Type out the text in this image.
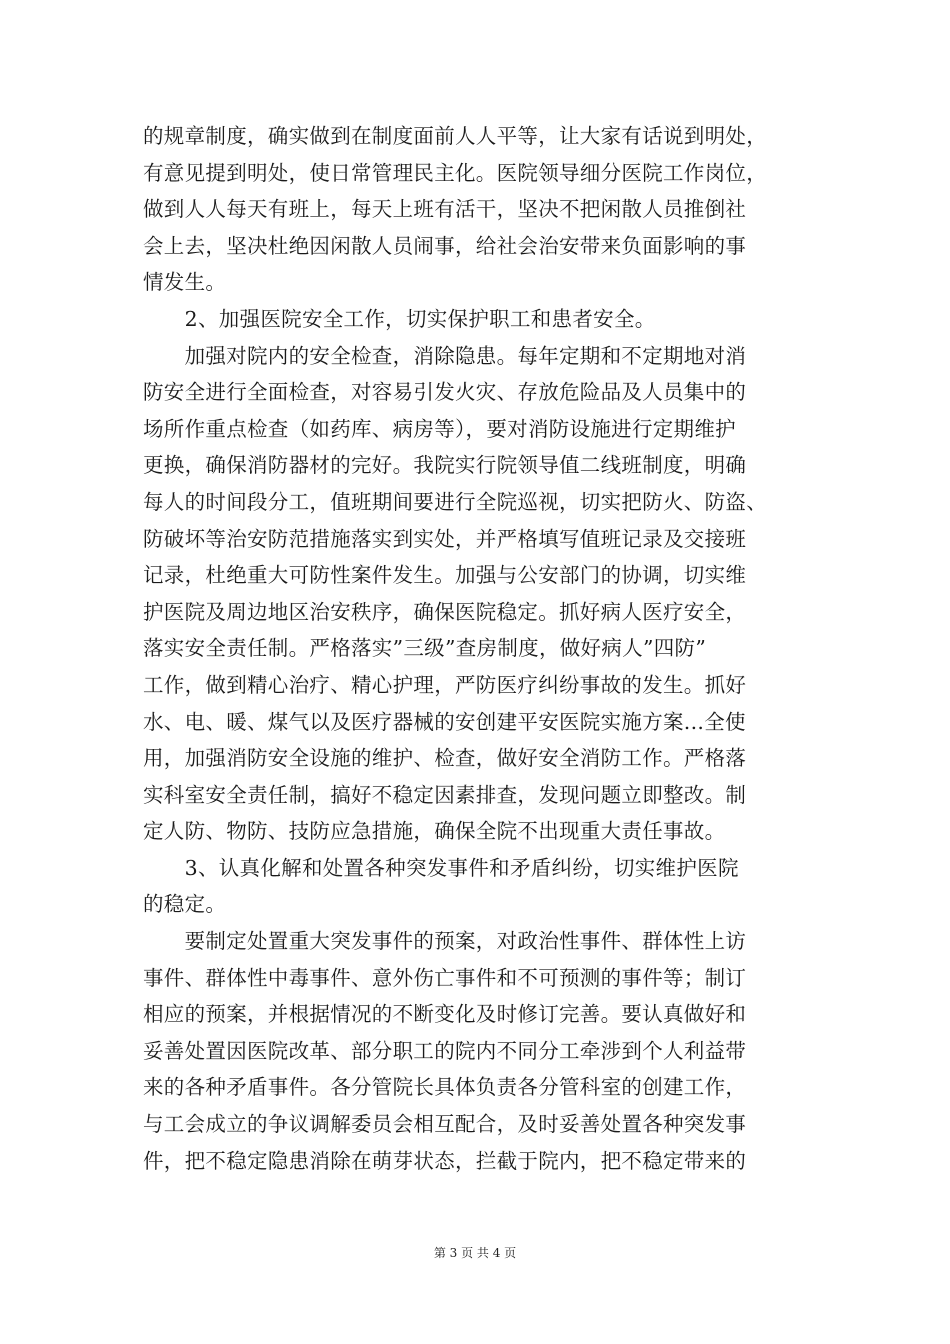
的规章制度，确实做到在制度面前人人平等，让大家有话说到明处，
有意见提到明处，使日常管理民主化。医院领导细分医院工作岗位，
做到人人每天有班上，每天上班有活干，坚决不把闲散人员推倒社
会上去，坚决杜绝因闲散人员闹事，给社会治安带来负面影响的事
情发生。
　　2、加强医院安全工作，切实保护职工和患者安全。
　　加强对院内的安全检查，消除隐患。每年定期和不定期地对消
防安全进行全面检查，对容易引发火灾、存放危险品及人员集中的
场所作重点检查（如药库、病房等），要对消防设施进行定期维护
更换，确保消防器材的完好。我院实行院领导值二线班制度，明确
每人的时间段分工，值班期间要进行全院巡视，切实把防火、防盗、
防破坏等治安防范措施落实到实处，并严格填写值班记录及交接班
记录，杜绝重大可防性案件发生。加强与公安部门的协调，切实维
护医院及周边地区治安秩序，确保医院稳定。抓好病人医疗安全，
落实安全责任制。严格落实”三级”查房制度，做好病人”四防”
工作，做到精心治疗、精心护理，严防医疗纠纷事故的发生。抓好
水、电、暖、煤气以及医疗器械的安创建平安医院实施方案...全使
用，加强消防安全设施的维护、检查，做好安全消防工作。严格落
实科室安全责任制，搞好不稳定因素排查，发现问题立即整改。制
定人防、物防、技防应急措施，确保全院不出现重大责任事故。
　　3、认真化解和处置各种突发事件和矛盾纠纷，切实维护医院
的稳定。
　　要制定处置重大突发事件的预案，对政治性事件、群体性上访
事件、群体性中毒事件、意外伤亡事件和不可预测的事件等；制订
相应的预案，并根据情况的不断变化及时修订完善。要认真做好和
妥善处置因医院改革、部分职工的院内不同分工牵涉到个人利益带
来的各种矛盾事件。各分管院长具体负责各分管科室的创建工作，
与工会成立的争议调解委员会相互配合，及时妥善处置各种突发事
件，把不稳定隐患消除在萌芽状态，拦截于院内，把不稳定带来的
第 3 页 共 4 页
